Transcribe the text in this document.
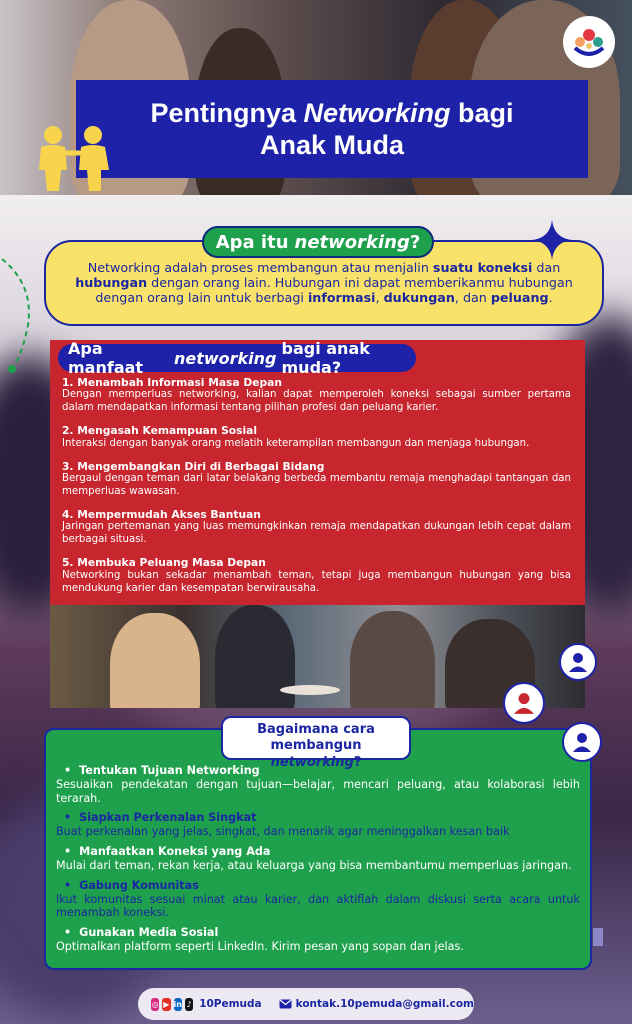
Pentingnya Networking bagi
Anak Muda
Apa itu networking ?
Networking adalah proses membangun atau menjalin suatu koneksi dan hubungan dengan orang lain. Hubungan ini dapat memberikanmu hubungan dengan orang lain untuk berbagi informasi, dukungan, dan peluang.
1. Menambah Informasi Masa Depan
Dengan memperluas networking, kalian dapat memperoleh koneksi sebagai sumber pertama dalam mendapatkan informasi tentang pilihan profesi dan peluang karier.
2. Mengasah Kemampuan Sosial
Interaksi dengan banyak orang melatih keterampilan membangun dan menjaga hubungan.
3. Mengembangkan Diri di Berbagai Bidang
Bergaul dengan teman dari latar belakang berbeda membantu remaja menghadapi tantangan dan memperluas wawasan.
4. Mempermudah Akses Bantuan
Jaringan pertemanan yang luas memungkinkan remaja mendapatkan dukungan lebih cepat dalam berbagai situasi.
5. Membuka Peluang Masa Depan
Networking bukan sekadar menambah teman, tetapi juga membangun hubungan yang bisa mendukung karier dan kesempatan berwirausaha.
Apa manfaat	networking bagi anak muda?
• Tentukan Tujuan Networking
Sesuaikan pendekatan dengan tujuan—belajar, mencari peluang, atau kolaborasi lebih terarah.
• Siapkan Perkenalan Singkat
Buat perkenalan yang jelas, singkat, dan menarik agar meninggalkan kesan baik
• Manfaatkan Koneksi yang Ada
Mulai dari teman, rekan kerja, atau keluarga yang bisa membantumu memperluas jaringan.
• Gabung Komunitas
Ikut komunitas sesuai minat atau karier, dan aktiflah dalam diskusi serta acara untuk menambah koneksi.
• Gunakan Media Sosial
Optimalkan platform seperti LinkedIn. Kirim pesan yang sopan dan jelas.
Bagaimana cara
membangun networking?
◎ ▶ in ♪ 10Pemuda	kontak.10pemuda@gmail.com
